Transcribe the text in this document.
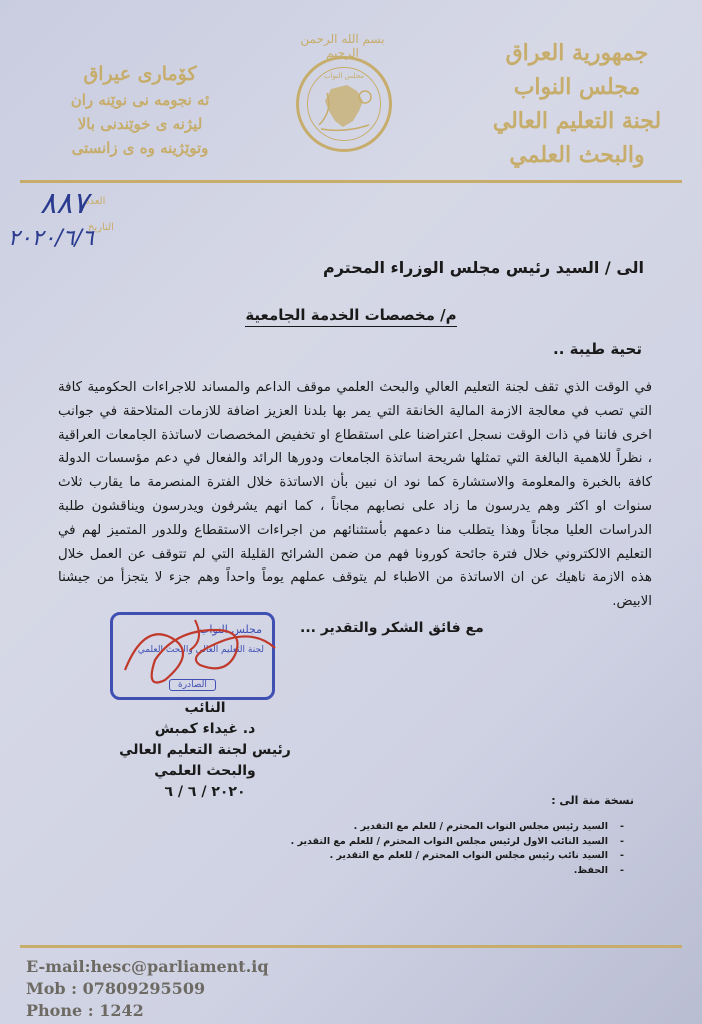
جمهورية العراق
مجلس النواب
لجنة التعليم العالي
والبحث العلمي
بسم الله الرحمن الرحيم
مجلس النواب
كۆمارى عيراق
ئه نجومه نى نوێنه ران
ليژنه ى خوێندنى بالا
وتوێژينه وه ى زانستى
العدد
التاريخ
٨٨٧
٢٠٢٠/٦/٦
الى / السيد رئيس مجلس الوزراء المحترم
م/ مخصصات الخدمة الجامعية
تحية طيبة ..

في الوقت الذي تقف لجنة التعليم العالي والبحث العلمي موقف الداعم والمساند للاجراءات الحكومية كافة التي تصب في معالجة الازمة المالية الخانقة التي يمر بها بلدنا العزيز اضافة للازمات المتلاحقة في جوانب اخرى فاننا في ذات الوقت نسجل اعتراضنا على استقطاع او تخفيض المخصصات لاساتذة الجامعات العراقية ، نظراً للاهمية البالغة التي تمثلها شريحة اساتذة الجامعات ودورها الرائد والفعال في دعم مؤسسات الدولة كافة بالخبرة والمعلومة والاستشارة كما نود ان نبين بأن الاساتذة خلال الفترة المنصرمة ما يقارب ثلاث سنوات او اكثر وهم يدرسون ما زاد على نصابهم مجاناً ، كما انهم يشرفون ويدرسون ويناقشون طلبة الدراسات العليا مجاناً وهذا يتطلب منا دعمهم بأستثنائهم من اجراءات الاستقطاع وللدور المتميز لهم في التعليم الالكتروني خلال فترة جائحة كورونا فهم من ضمن الشرائح القليلة التي لم تتوقف عن العمل خلال هذه الازمة ناهيك عن ان الاساتذة من الاطباء لم يتوقف عملهم يوماً واحداً وهم جزء لا يتجزأ من جيشنا الابيض.

مع فائق الشكر والتقدير ...
مجلس النواب
لجنة التعليم العالي والبحث العلمي
الصادرة
النائب
د. غيداء كمبش
رئيس لجنة التعليم العالي
والبحث العلمي
٢٠٢٠ / ٦ / ٦
نسخة منة الى :
- السيد رئيس مجلس النواب المحترم / للعلم مع التقدير .
- السيد النائب الاول لرئيس مجلس النواب المحترم / للعلم مع التقدير .
- السيد نائب رئيس مجلس النواب المحترم / للعلم مع التقدير .
- الحفظ.
E-mail:hesc@parliament.iq
Mob : 07809295509
Phone : 1242
